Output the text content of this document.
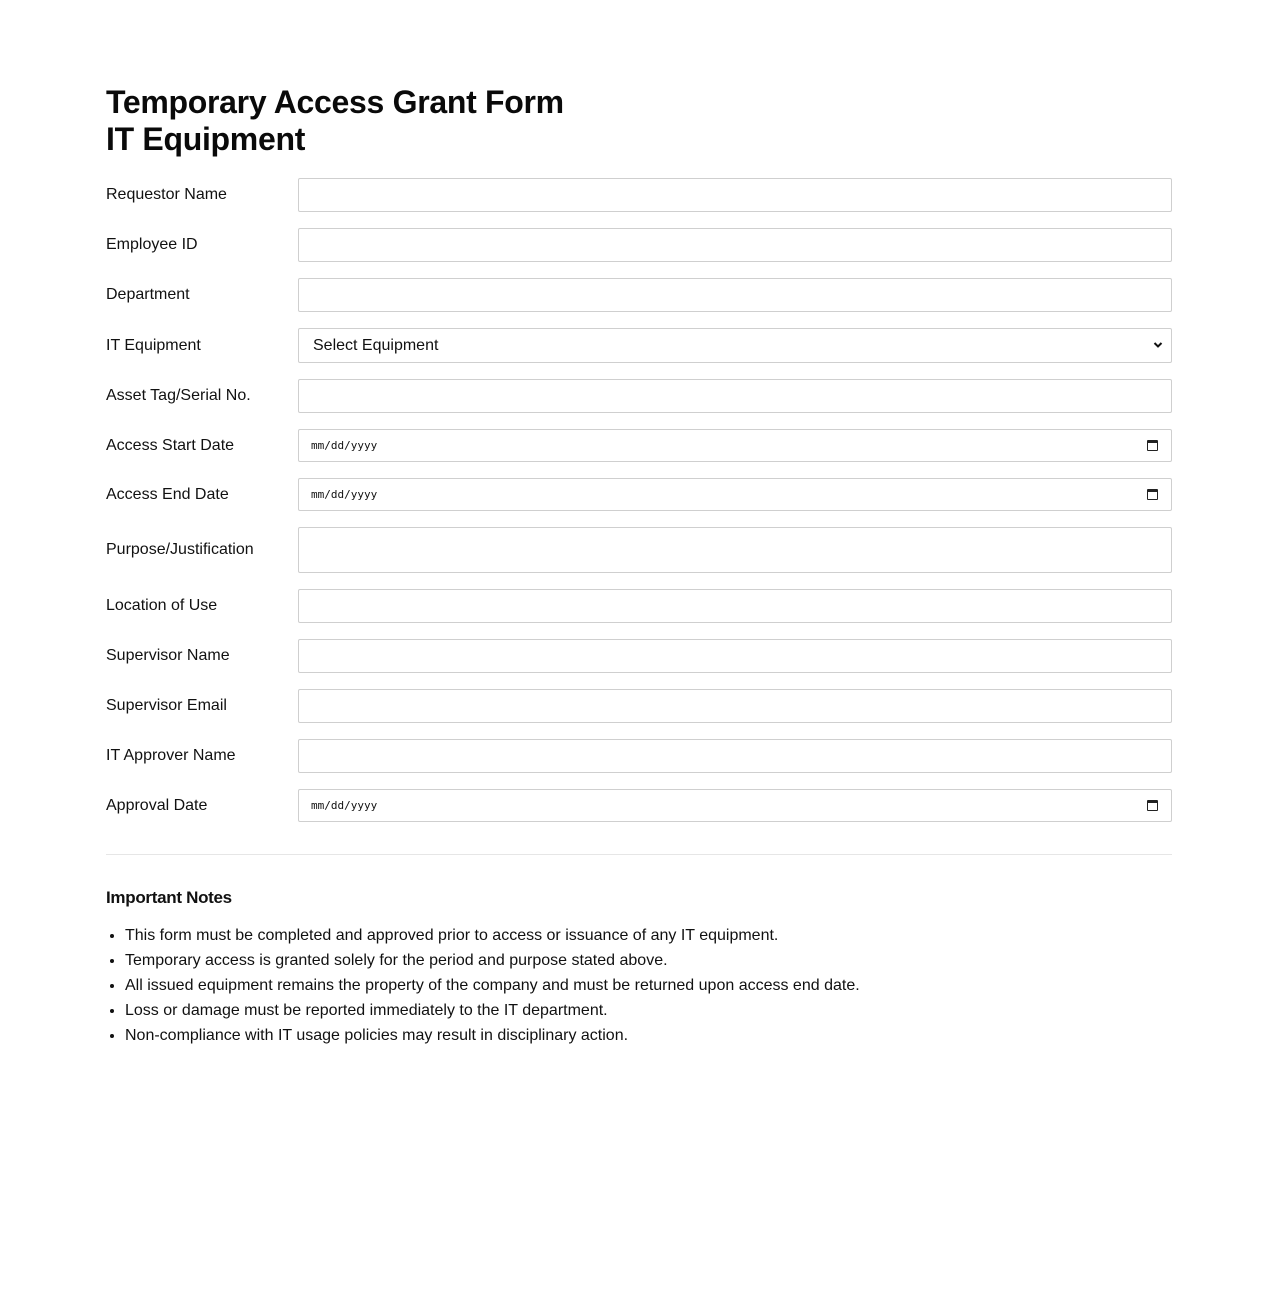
Temporary Access Grant Form
IT Equipment
Requestor Name
Employee ID
Department
IT Equipment	Select Equipment
Asset Tag/Serial No.
Access Start Date	mm/dd/yyyy
Access End Date	mm/dd/yyyy
Purpose/Justification
Location of Use
Supervisor Name
Supervisor Email
IT Approver Name
Approval Date	mm/dd/yyyy
Important Notes
• This form must be completed and approved prior to access or issuance of any IT equipment.
• Temporary access is granted solely for the period and purpose stated above.
• All issued equipment remains the property of the company and must be returned upon access end date.
• Loss or damage must be reported immediately to the IT department.
• Non-compliance with IT usage policies may result in disciplinary action.
